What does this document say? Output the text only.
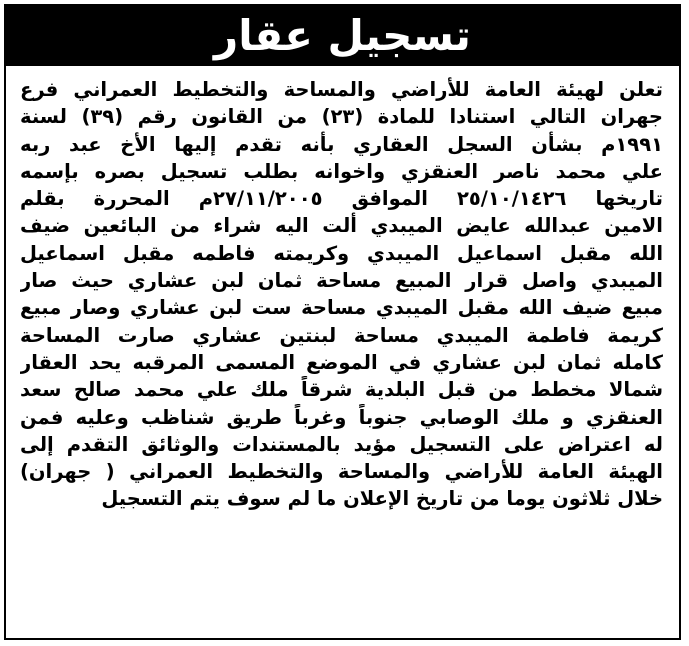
تسجيل عقار
تعلن لهيئة العامة للأراضي والمساحة والتخطيط العمراني فرع
جهران التالي استنادا للمادة (٢٣) من القانون رقم (٣٩) لسنة
١٩٩١م بشأن السجل العقاري بأنه تقدم إليها الأخ عبد ربه
علي محمد ناصر العنقزي واخوانه بطلب تسجيل بصره بإسمه
تاريخها ٢٥/١٠/١٤٢٦ الموافق ٢٧/١١/٢٠٠٥م المحررة بقلم
الامين عبدالله عايض الميبدي ألت اليه شراء من البائعين ضيف
الله مقبل اسماعيل الميبدي وكريمته فاطمه مقبل اسماعيل
الميبدي واصل قرار المبيع مساحة ثمان لبن عشاري حيث صار
مبيع ضيف الله مقبل الميبدي مساحة ست لبن عشاري وصار مبيع
كريمة فاطمة الميبدي مساحة لبنتين عشاري صارت المساحة
كامله ثمان لبن عشاري في الموضع المسمى المرقبه يحد العقار
شمالا مخطط من قبل البلدية شرقاً ملك علي محمد صالح سعد
العنقزي و ملك الوصابي جنوباً وغرباً طريق شناظب وعليه فمن
له اعتراض على التسجيل مؤيد بالمستندات والوثائق التقدم إلى
الهيئة العامة للأراضي والمساحة والتخطيط العمراني ( جهران)
خلال ثلاثون يوما من تاريخ الإعلان ما لم سوف يتم التسجيل
